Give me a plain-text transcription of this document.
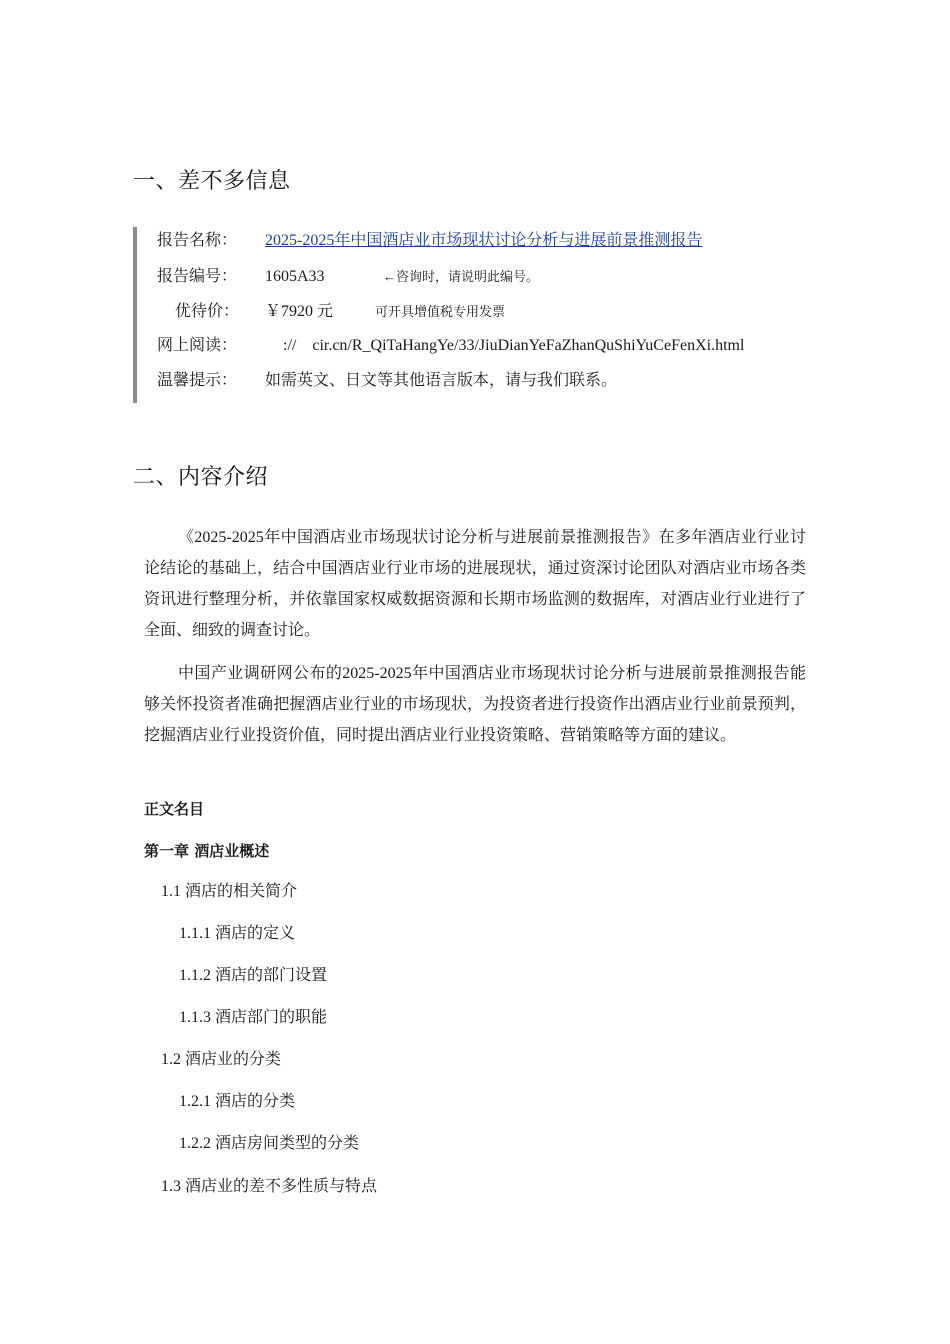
一、差不多信息
报告名称：	2025-2025年中国酒店业市场现状讨论分析与进展前景推测报告
报告编号：	1605A33	←咨询时，请说明此编号。
优待价：	￥7920 元	可开具增值税专用发票
网上阅读：	://    cir.cn/R_QiTaHangYe/33/JiuDianYeFaZhanQuShiYuCeFenXi.html
温馨提示：	如需英文、日文等其他语言版本，请与我们联系。
二、内容介绍

《2025-2025年中国酒店业市场现状讨论分析与进展前景推测报告》在多年酒店业行业讨论结论的基础上，结合中国酒店业行业市场的进展现状，通过资深讨论团队对酒店业市场各类资讯进行整理分析，并依靠国家权威数据资源和长期市场监测的数据库，对酒店业行业进行了全面、细致的调查讨论。

中国产业调研网公布的2025-2025年中国酒店业市场现状讨论分析与进展前景推测报告能够关怀投资者准确把握酒店业行业的市场现状，为投资者进行投资作出酒店业行业前景预判，挖掘酒店业行业投资价值，同时提出酒店业行业投资策略、营销策略等方面的建议。

正文名目
第一章 酒店业概述
1.1 酒店的相关简介
1.1.1 酒店的定义
1.1.2 酒店的部门设置
1.1.3 酒店部门的职能
1.2 酒店业的分类
1.2.1 酒店的分类
1.2.2 酒店房间类型的分类
1.3 酒店业的差不多性质与特点
